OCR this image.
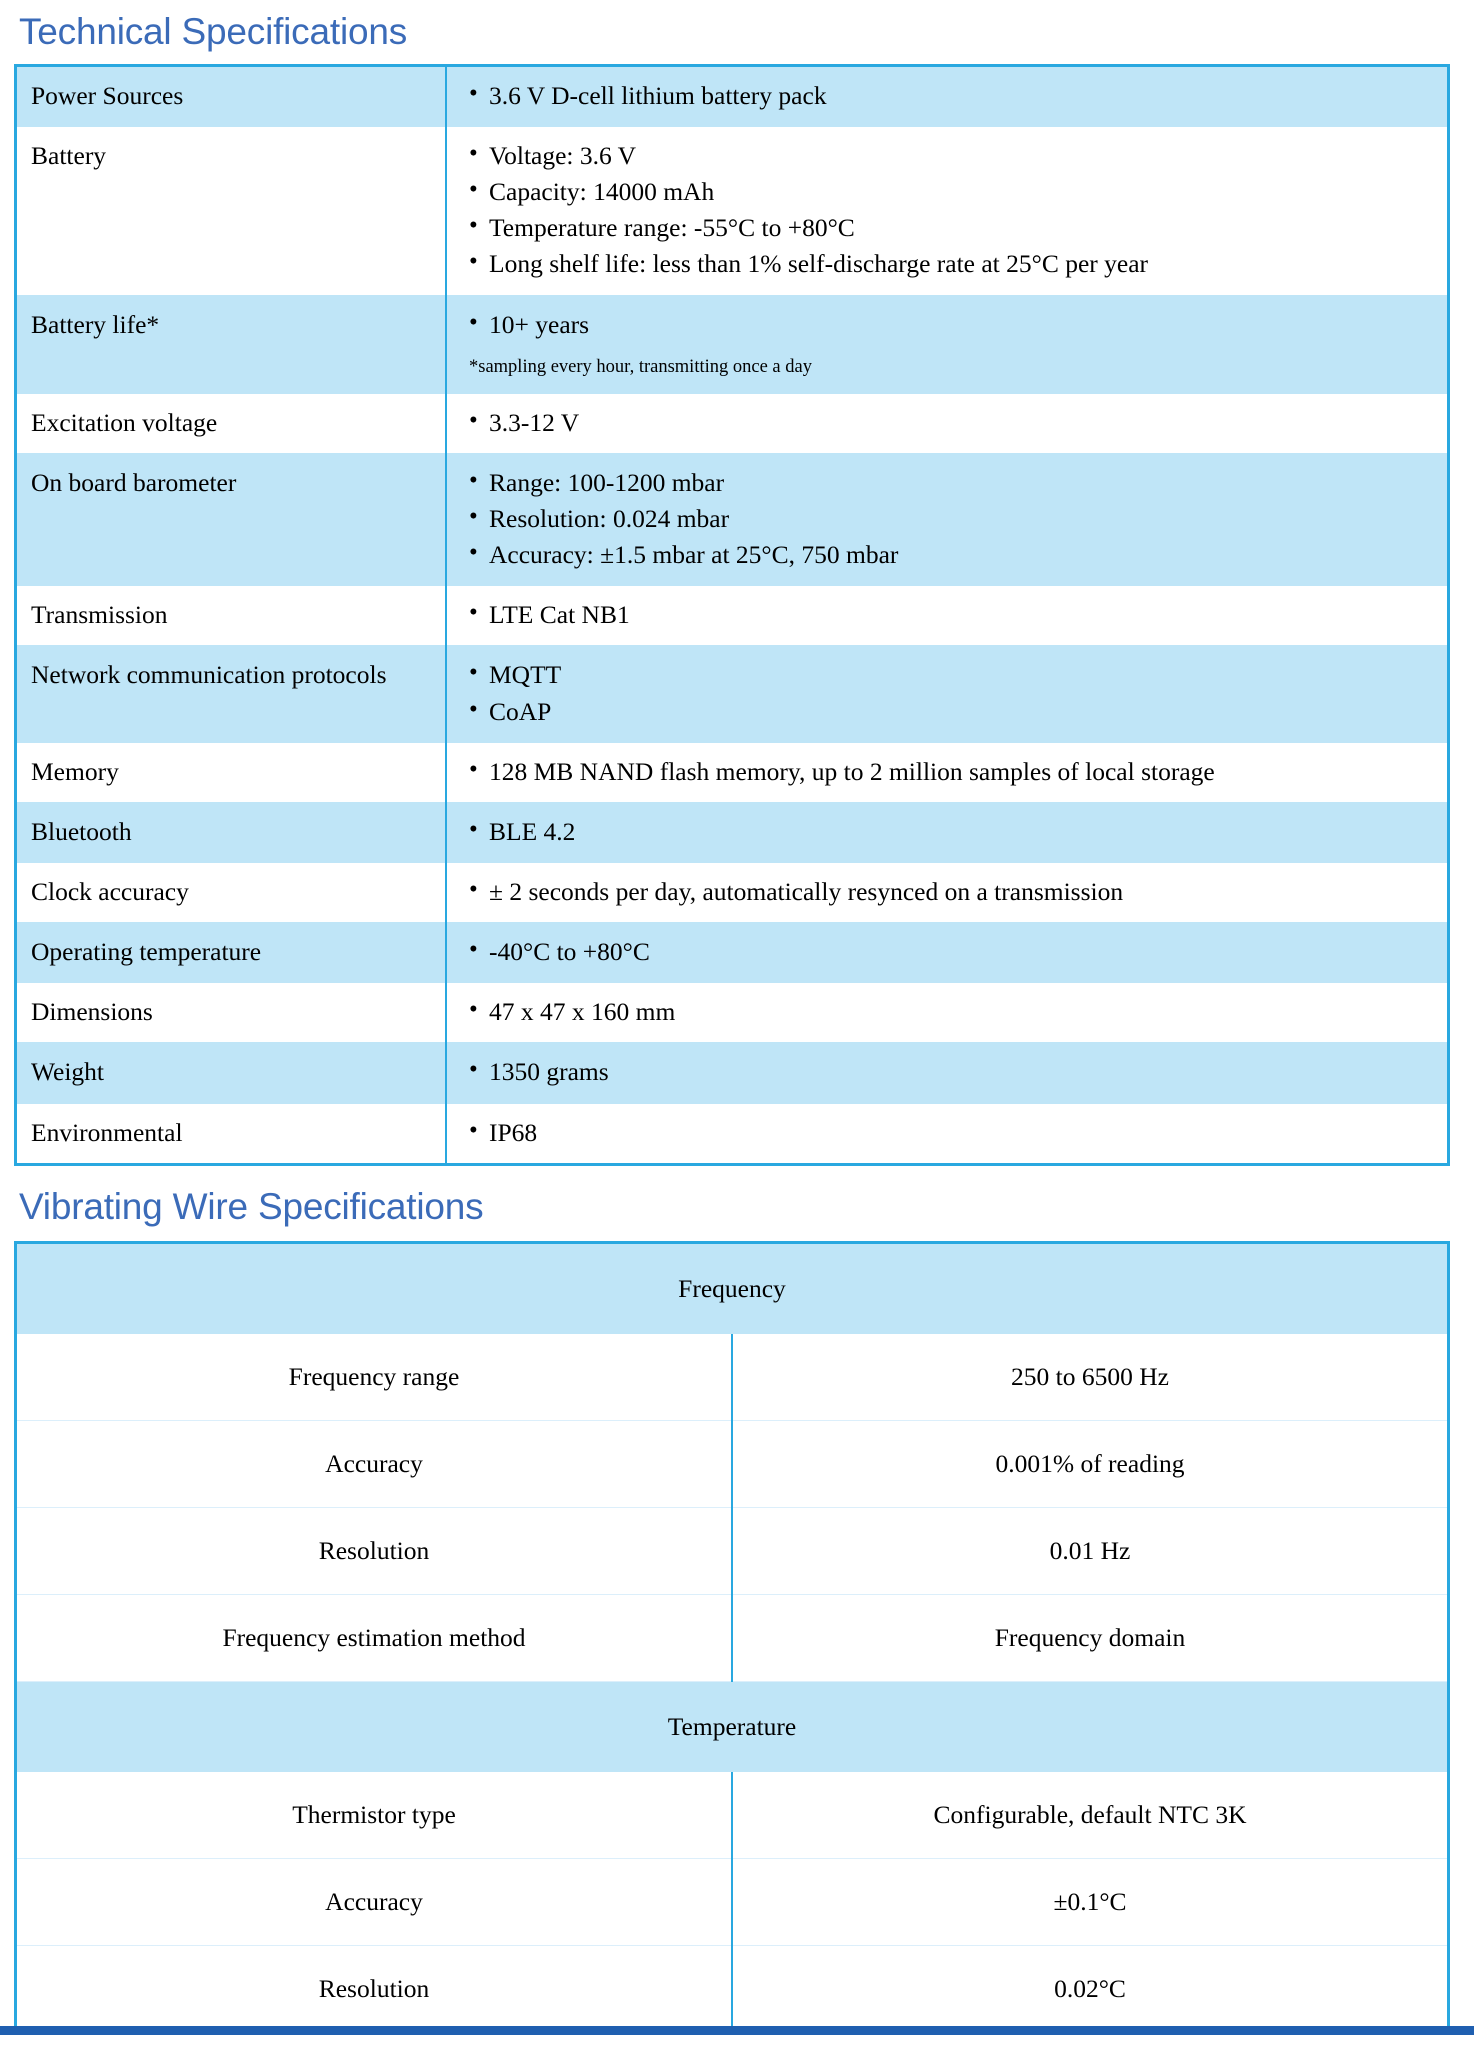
Technical Specifications
Power Sources	
•3.6 V D-cell lithium battery pack

Battery	
•Voltage: 3.6 V
• Capacity: 14000 mAh
• Temperature range: -55°C to +80°C
• Long shelf life: less than 1% self-discharge rate at 25°C per year

Battery life*	
•10+ years
*sampling every hour, transmitting once a day

Excitation voltage	
•3.3-12 V

On board barometer	
•Range: 100-1200 mbar
• Resolution: 0.024 mbar
• Accuracy: ±1.5 mbar at 25°C, 750 mbar

Transmission	
•LTE Cat NB1

Network communication protocols	
•MQTT
• CoAP

Memory	
•128 MB NAND flash memory, up to 2 million samples of local storage

Bluetooth	
•BLE 4.2

Clock accuracy	
•± 2 seconds per day, automatically resynced on a transmission

Operating temperature	
•-40°C to +80°C

Dimensions	
•47 x 47 x 160 mm

Weight	
•1350 grams

Environmental	
•IP68
Vibrating Wire Specifications
Frequency	
Frequency range	250 to 6500 Hz
Accuracy	0.001% of reading
Resolution	0.01 Hz
Frequency estimation method	Frequency domain
Temperature	
Thermistor type	Configurable, default NTC 3K
Accuracy	±0.1°C
Resolution	0.02°C
